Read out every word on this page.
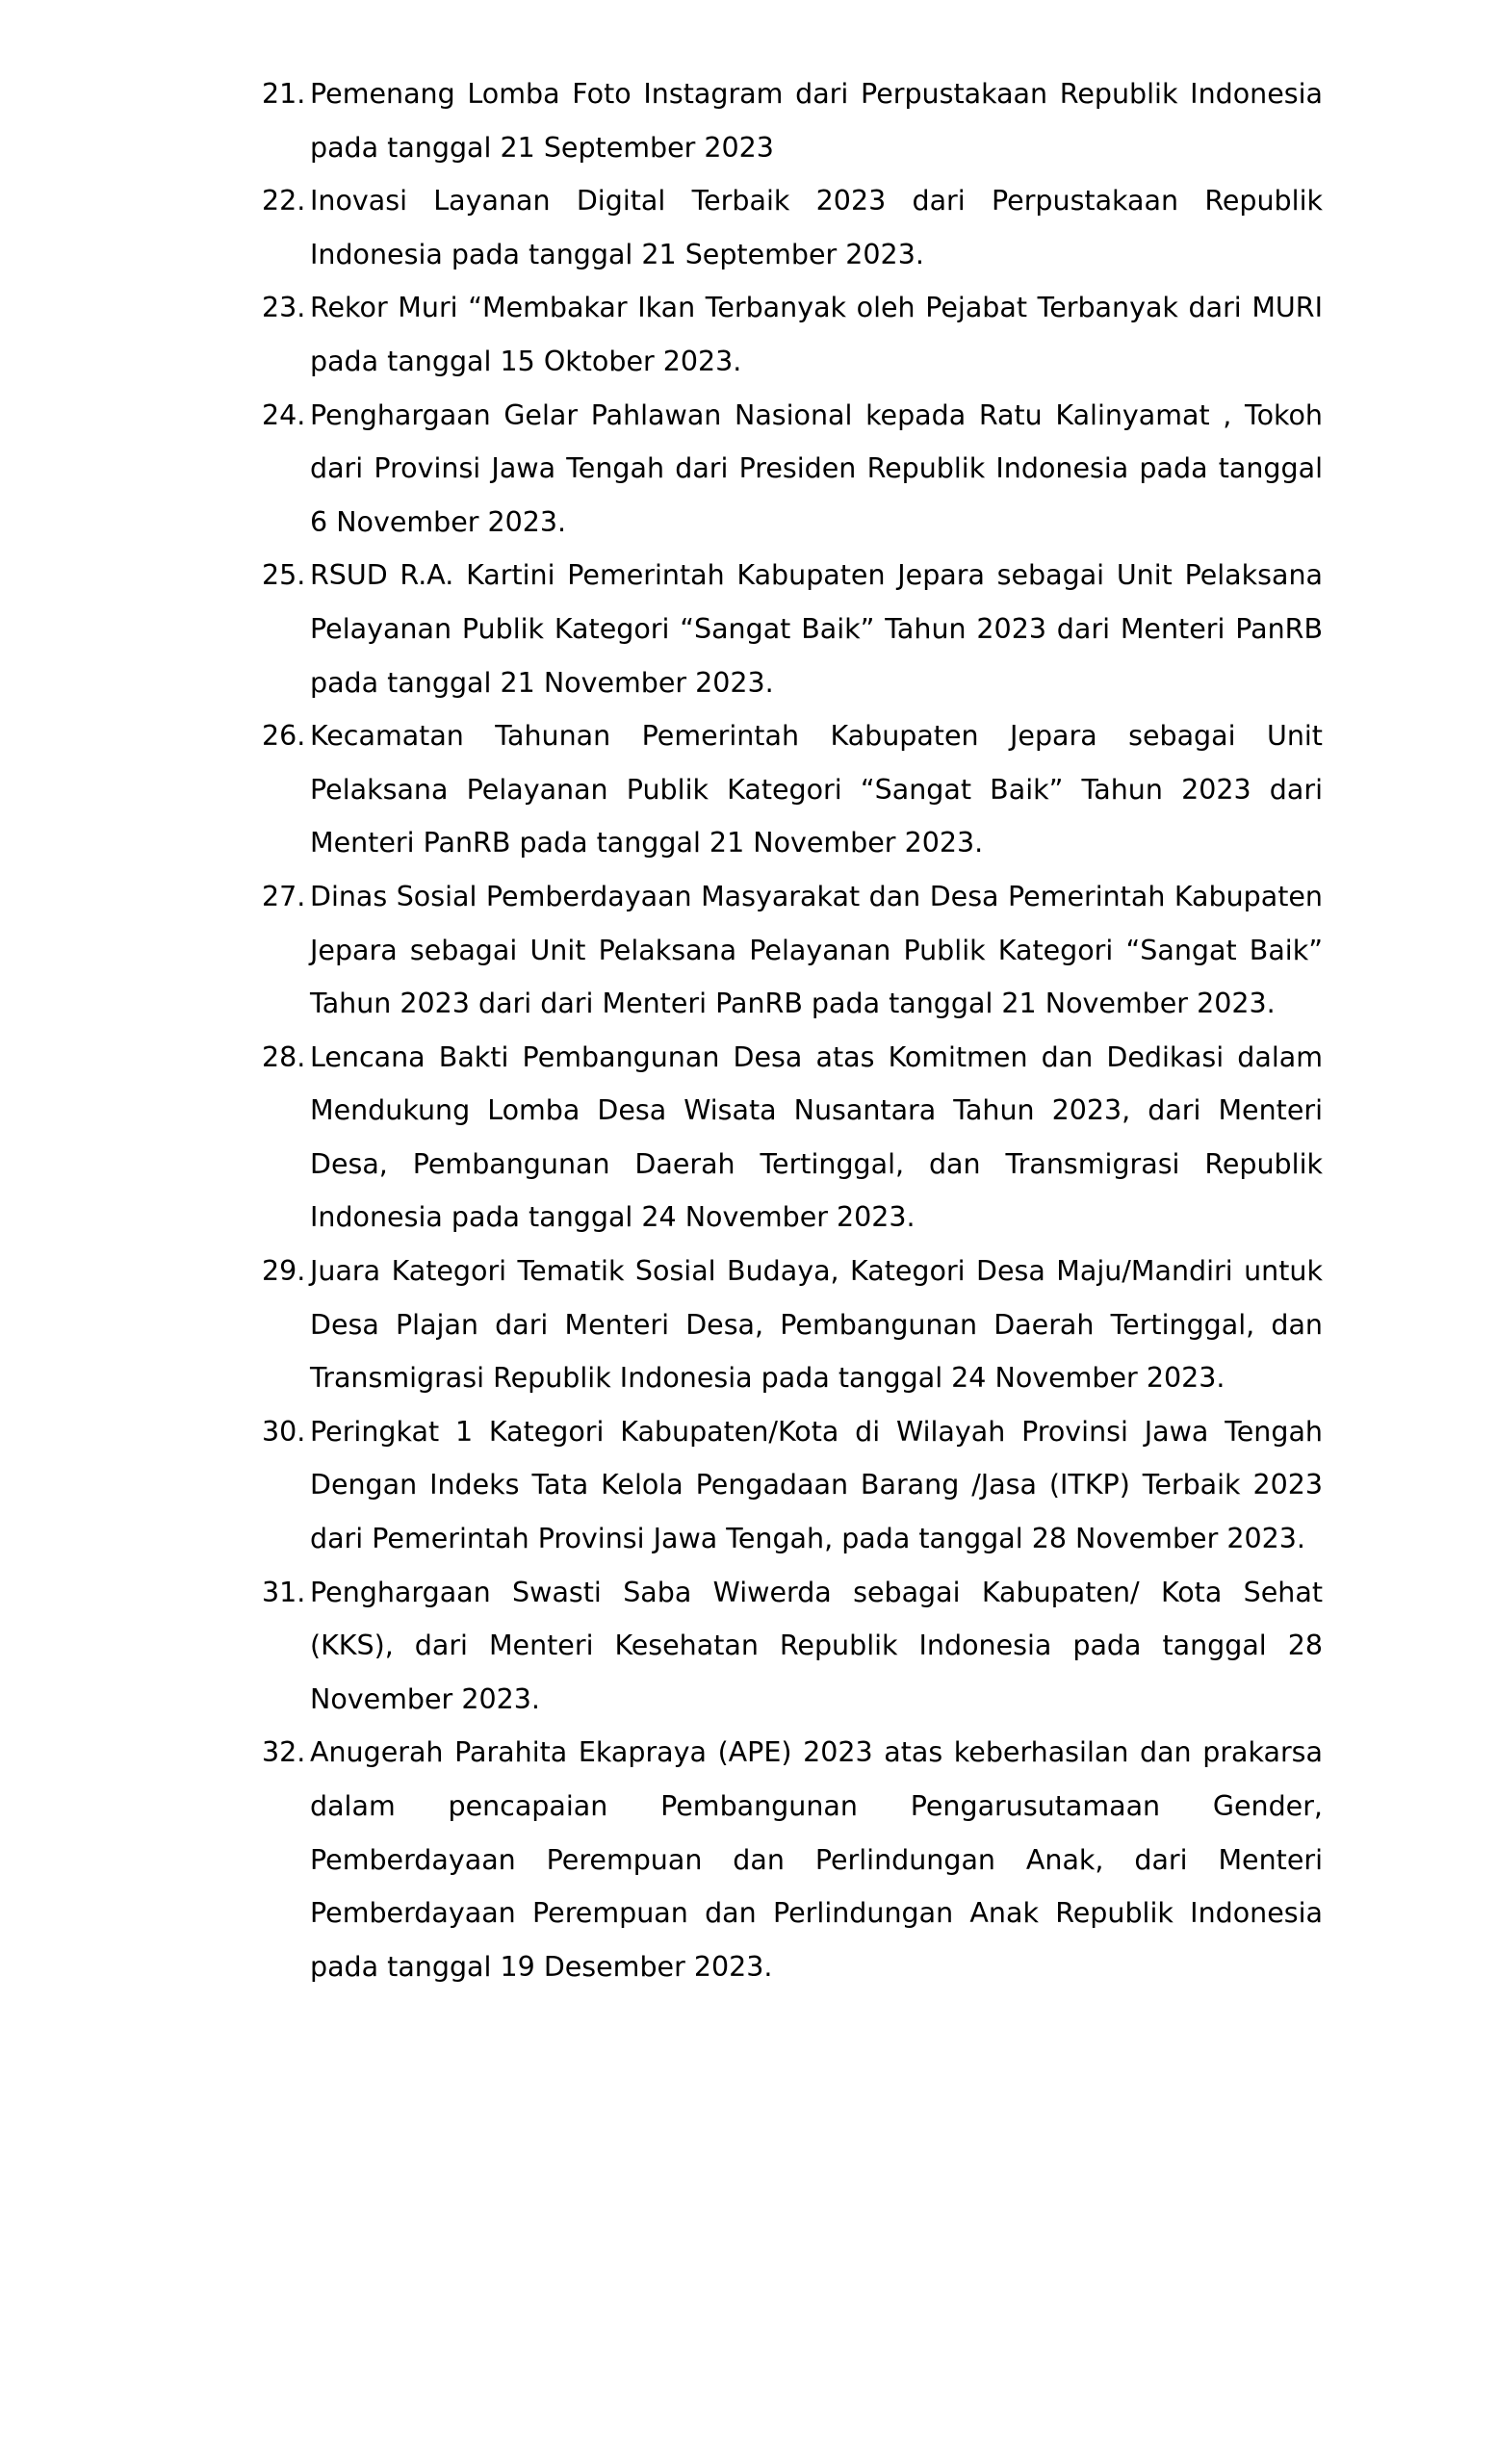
21. Pemenang Lomba Foto Instagram dari Perpustakaan Republik Indonesia pada tanggal 21 September 2023
22. Inovasi Layanan Digital Terbaik 2023 dari Perpustakaan Republik Indonesia pada tanggal 21 September 2023.
23. Rekor Muri “Membakar Ikan Terbanyak oleh Pejabat Terbanyak dari MURI pada tanggal 15 Oktober 2023.
24. Penghargaan Gelar Pahlawan Nasional kepada Ratu Kalinyamat , Tokoh dari Provinsi Jawa Tengah dari Presiden Republik Indonesia pada tanggal 6 November 2023.
25. RSUD R.A. Kartini Pemerintah Kabupaten Jepara sebagai Unit Pelaksana Pelayanan Publik Kategori “Sangat Baik” Tahun 2023 dari Menteri PanRB pada tanggal 21 November 2023.
26. Kecamatan Tahunan Pemerintah Kabupaten Jepara sebagai Unit Pelaksana Pelayanan Publik Kategori “Sangat Baik” Tahun 2023 dari Menteri PanRB pada tanggal 21 November 2023.
27. Dinas Sosial Pemberdayaan Masyarakat dan Desa Pemerintah Kabupaten Jepara sebagai Unit Pelaksana Pelayanan Publik Kategori “Sangat Baik” Tahun 2023 dari dari Menteri PanRB pada tanggal 21 November 2023.
28. Lencana Bakti Pembangunan Desa atas Komitmen dan Dedikasi dalam Mendukung Lomba Desa Wisata Nusantara Tahun 2023, dari Menteri Desa, Pembangunan Daerah Tertinggal, dan Transmigrasi Republik Indonesia pada tanggal 24 November 2023.
29. Juara Kategori Tematik Sosial Budaya, Kategori Desa Maju/Mandiri untuk Desa Plajan dari Menteri Desa, Pembangunan Daerah Tertinggal, dan Transmigrasi Republik Indonesia pada tanggal 24 November 2023.
30. Peringkat 1 Kategori Kabupaten/Kota di Wilayah Provinsi Jawa Tengah Dengan Indeks Tata Kelola Pengadaan Barang /Jasa (ITKP) Terbaik 2023 dari Pemerintah Provinsi Jawa Tengah, pada tanggal 28 November 2023.
31. Penghargaan Swasti Saba Wiwerda sebagai Kabupaten/ Kota Sehat (KKS), dari Menteri Kesehatan Republik Indonesia pada tanggal 28 November 2023.
32. Anugerah Parahita Ekapraya (APE) 2023 atas keberhasilan dan prakarsa dalam pencapaian Pembangunan Pengarusutamaan Gender, Pemberdayaan Perempuan dan Perlindungan Anak, dari Menteri Pemberdayaan Perempuan dan Perlindungan Anak Republik Indonesia pada tanggal 19 Desember 2023.
